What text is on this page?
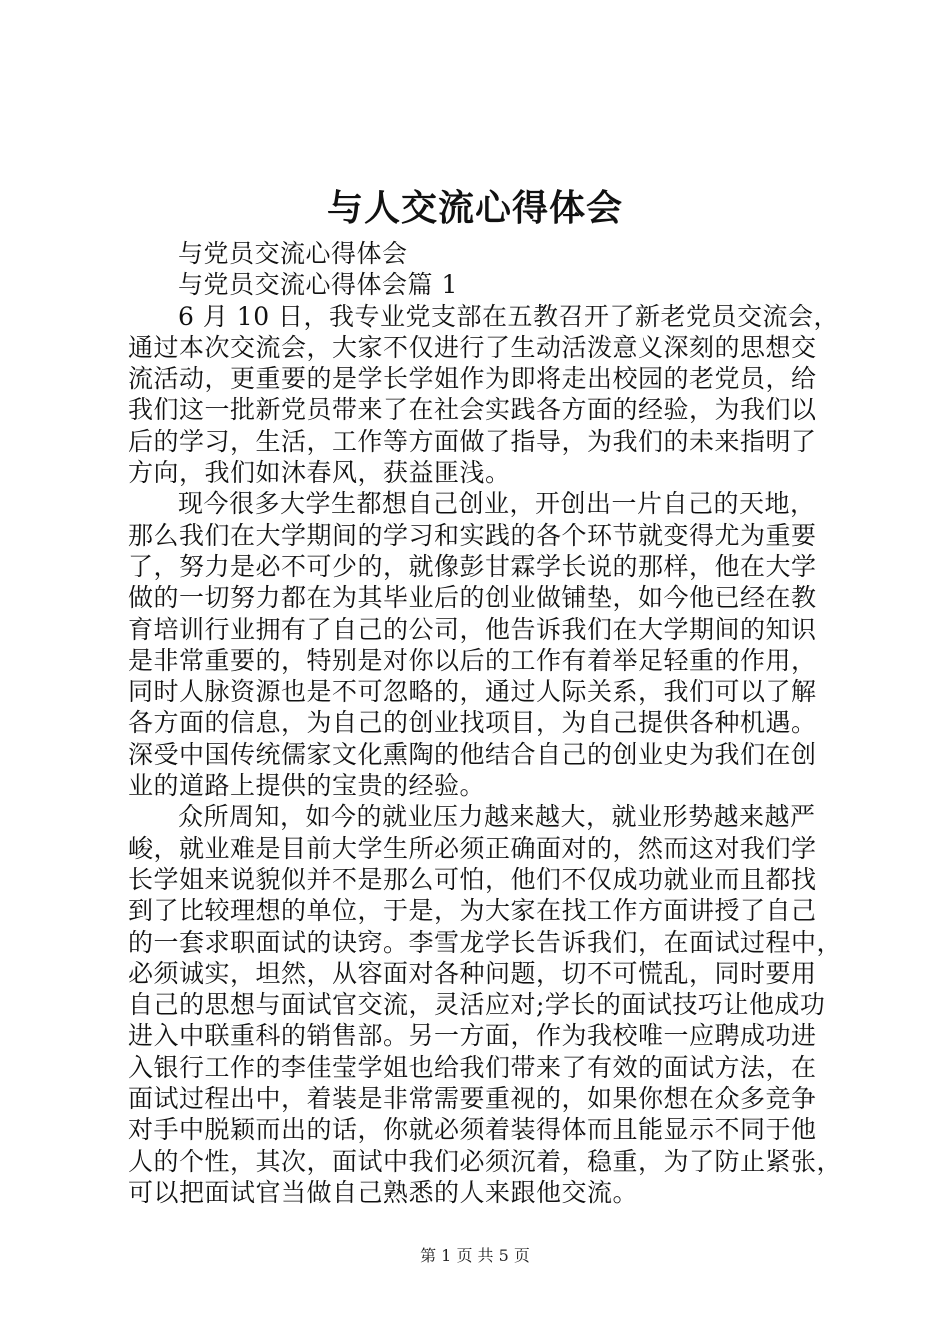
与人交流心得体会

与党员交流心得体会

与党员交流心得体会篇 1

6 月 10 日，我专业党支部在五教召开了新老党员交流会，

通过本次交流会，大家不仅进行了生动活泼意义深刻的思想交

流活动，更重要的是学长学姐作为即将走出校园的老党员，给

我们这一批新党员带来了在社会实践各方面的经验，为我们以

后的学习，生活，工作等方面做了指导，为我们的未来指明了

方向，我们如沐春风，获益匪浅。

现今很多大学生都想自己创业，开创出一片自己的天地，

那么我们在大学期间的学习和实践的各个环节就变得尤为重要

了，努力是必不可少的，就像彭甘霖学长说的那样，他在大学

做的一切努力都在为其毕业后的创业做铺垫，如今他已经在教

育培训行业拥有了自己的公司，他告诉我们在大学期间的知识

是非常重要的，特别是对你以后的工作有着举足轻重的作用，

同时人脉资源也是不可忽略的，通过人际关系，我们可以了解

各方面的信息，为自己的创业找项目，为自己提供各种机遇。

深受中国传统儒家文化熏陶的他结合自己的创业史为我们在创

业的道路上提供的宝贵的经验。

众所周知，如今的就业压力越来越大，就业形势越来越严

峻，就业难是目前大学生所必须正确面对的，然而这对我们学

长学姐来说貌似并不是那么可怕，他们不仅成功就业而且都找

到了比较理想的单位，于是，为大家在找工作方面讲授了自己

的一套求职面试的诀窍。李雪龙学长告诉我们，在面试过程中，

必须诚实，坦然，从容面对各种问题，切不可慌乱，同时要用

自己的思想与面试官交流，灵活应对;学长的面试技巧让他成功

进入中联重科的销售部。另一方面，作为我校唯一应聘成功进

入银行工作的李佳莹学姐也给我们带来了有效的面试方法，在

面试过程出中，着装是非常需要重视的，如果你想在众多竞争

对手中脱颖而出的话，你就必须着装得体而且能显示不同于他

人的个性，其次，面试中我们必须沉着，稳重，为了防止紧张，

可以把面试官当做自己熟悉的人来跟他交流。

第 1 页 共 5 页
